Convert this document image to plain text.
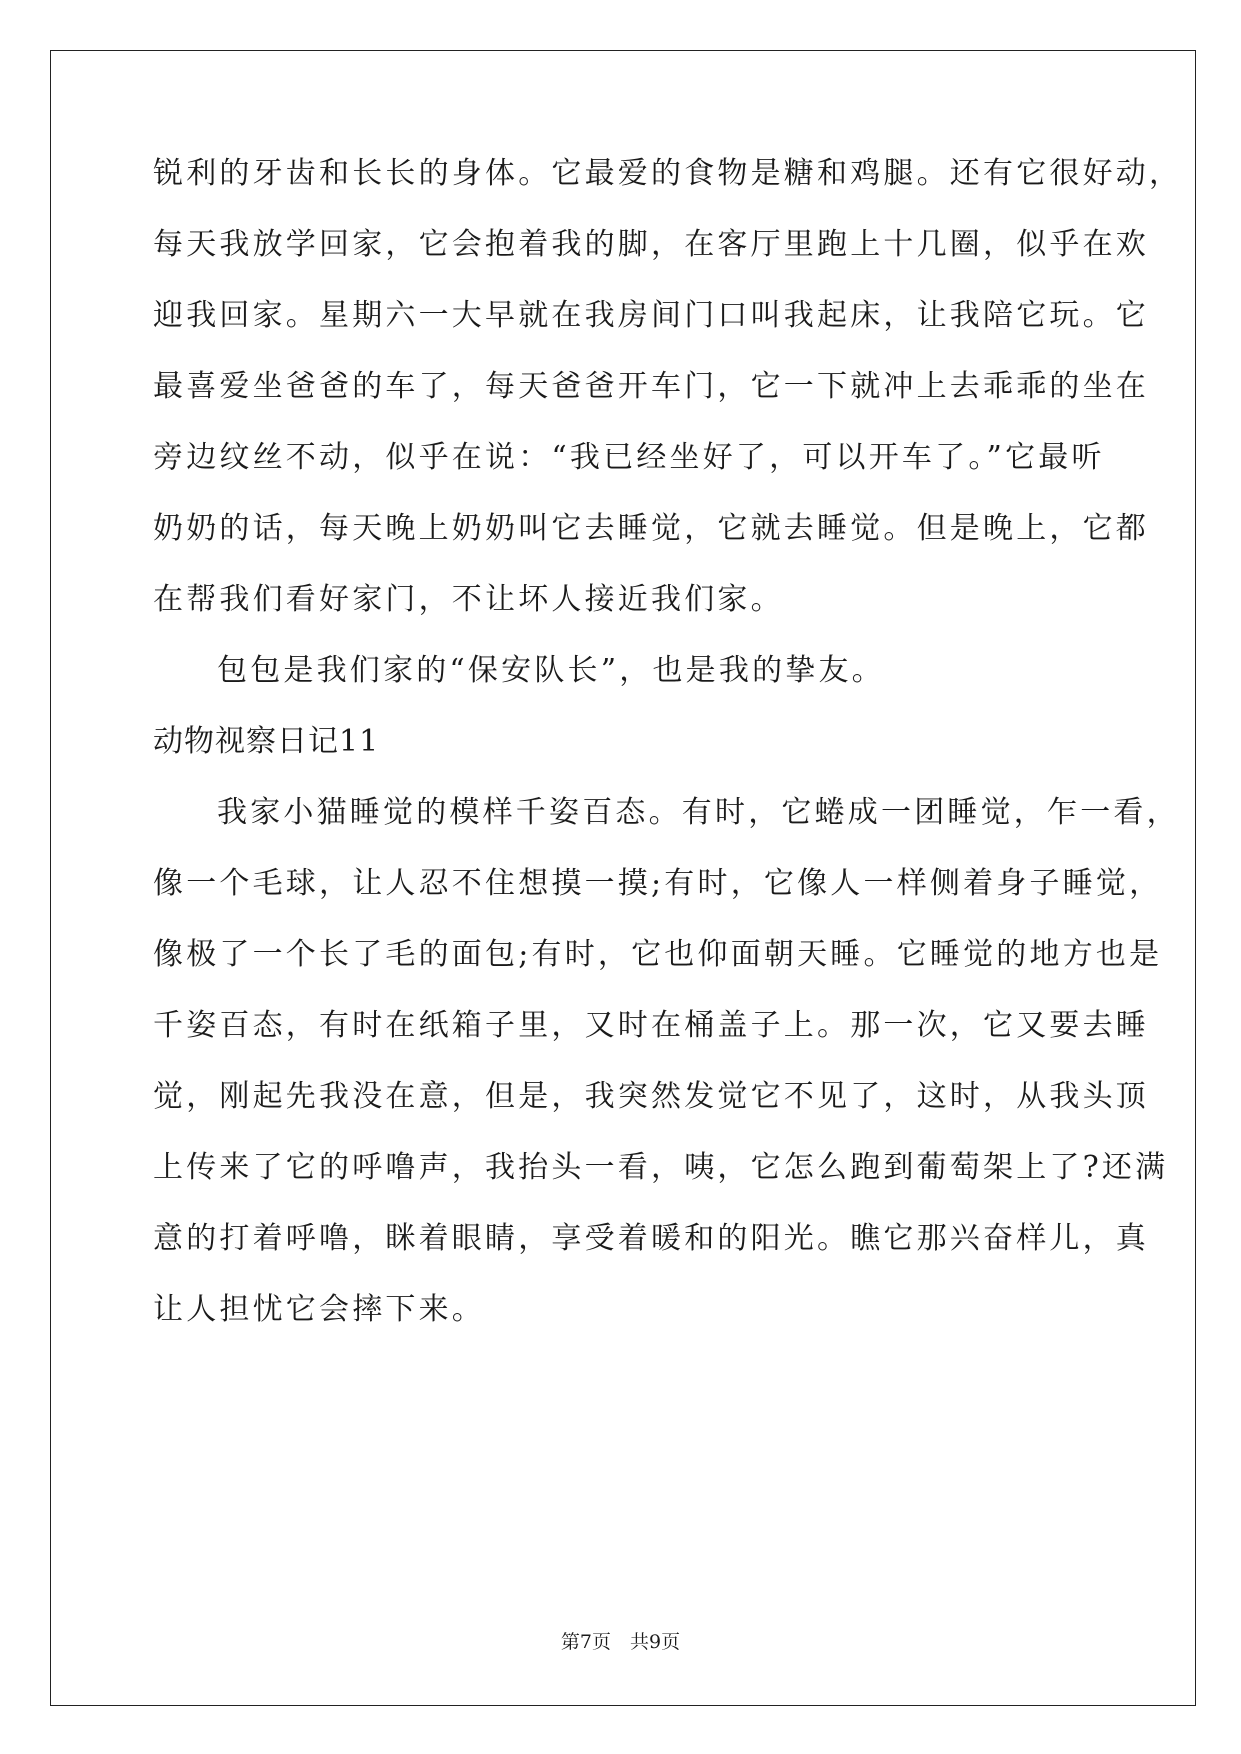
锐利的牙齿和长长的身体。它最爱的食物是糖和鸡腿。还有它很好动，
每天我放学回家，它会抱着我的脚，在客厅里跑上十几圈，似乎在欢
迎我回家。星期六一大早就在我房间门口叫我起床，让我陪它玩。它
最喜爱坐爸爸的车了，每天爸爸开车门，它一下就冲上去乖乖的坐在
旁边纹丝不动，似乎在说：“我已经坐好了，可以开车了。”它最听
奶奶的话，每天晚上奶奶叫它去睡觉，它就去睡觉。但是晚上，它都
在帮我们看好家门，不让坏人接近我们家。
包包是我们家的“保安队长”，也是我的挚友。
动物视察日记11
我家小猫睡觉的模样千姿百态。有时，它蜷成一团睡觉，乍一看，
像一个毛球，让人忍不住想摸一摸;有时，它像人一样侧着身子睡觉，
像极了一个长了毛的面包;有时，它也仰面朝天睡。它睡觉的地方也是
千姿百态，有时在纸箱子里，又时在桶盖子上。那一次，它又要去睡
觉，刚起先我没在意，但是，我突然发觉它不见了，这时，从我头顶
上传来了它的呼噜声，我抬头一看，咦，它怎么跑到葡萄架上了?还满
意的打着呼噜，眯着眼睛，享受着暖和的阳光。瞧它那兴奋样儿，真
让人担忧它会摔下来。
第7页　共9页
